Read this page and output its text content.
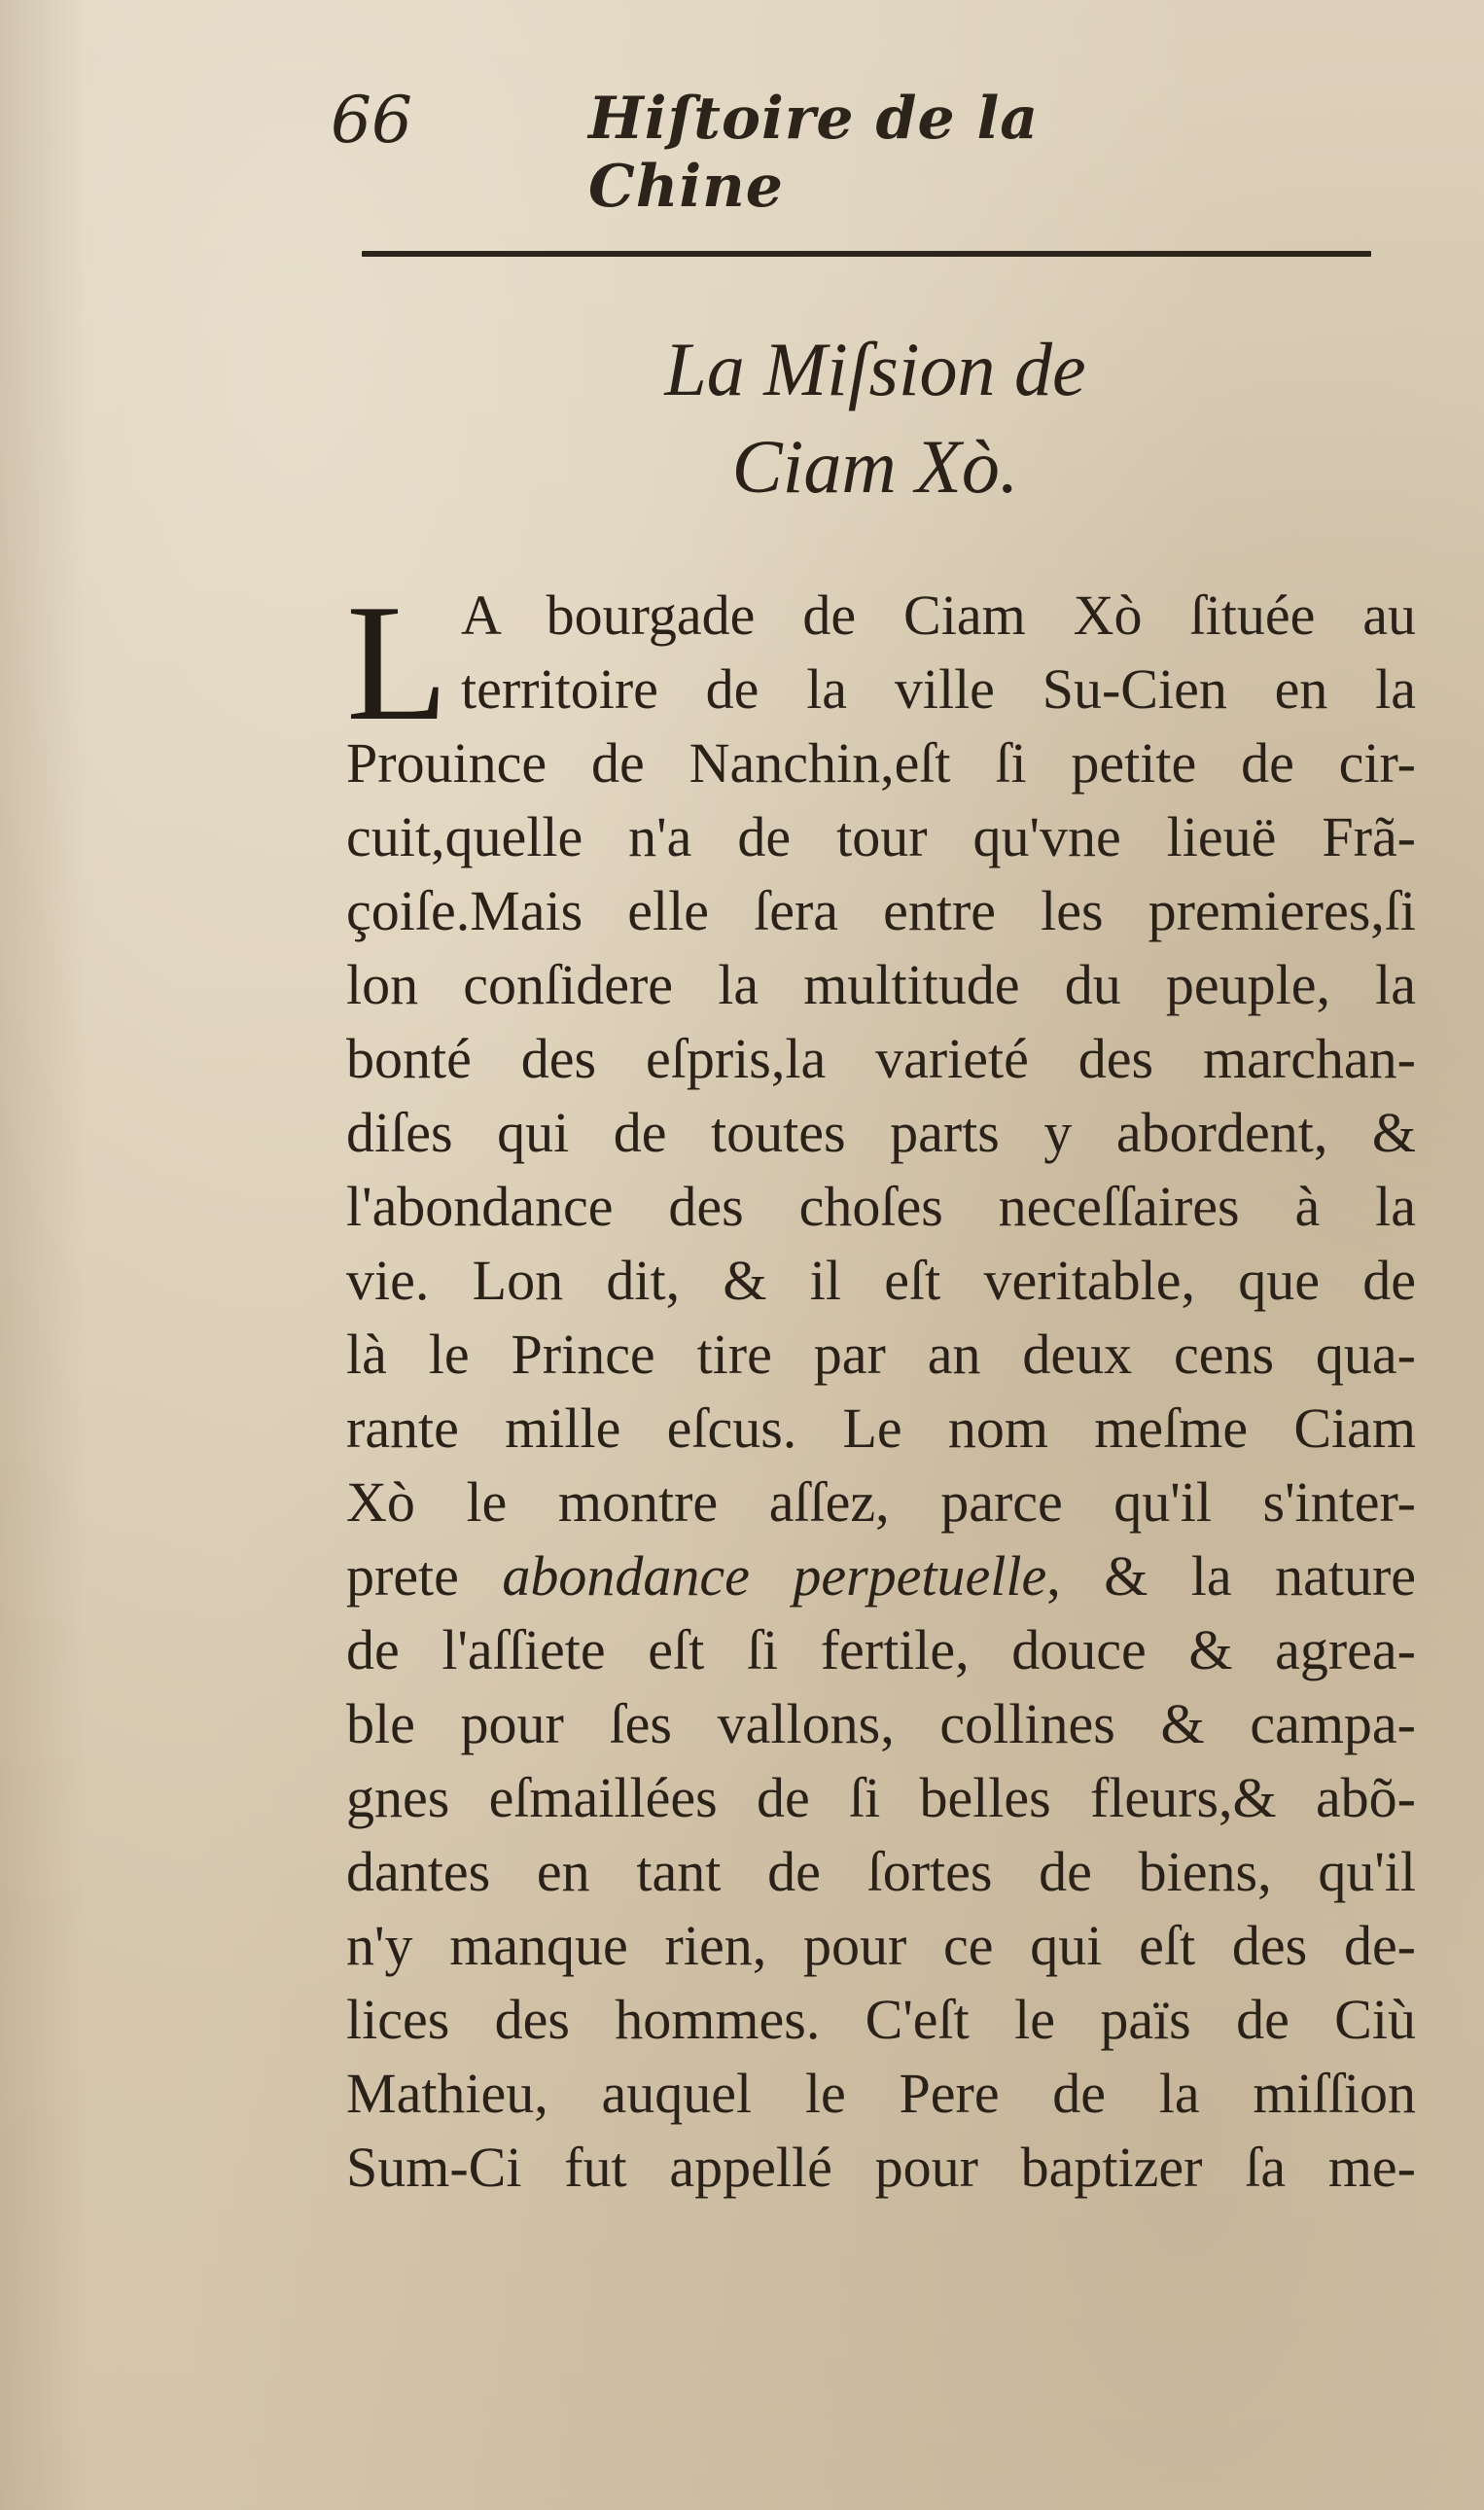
66	Hiſtoire de la Chine
La Miſsion de
Ciam Xò.
L A bourgade de Ciam Xò ſituée au
territoire de la ville Su-Cien en la
Prouince de Nanchin,eſt ſi petite de cir-
cuit,quelle n'a de tour qu'vne lieuë Frã-
çoiſe.Mais elle ſera entre les premieres,ſi
lon conſidere la multitude du peuple, la
bonté des eſpris,la varieté des marchan-
diſes qui de toutes parts y abordent, &
l'abondance des choſes neceſſaires à la
vie. Lon dit, & il eſt veritable, que de
là le Prince tire par an deux cens qua-
rante mille eſcus. Le nom meſme Ciam
Xò le montre aſſez, parce qu'il s'inter-
prete abondance perpetuelle, & la nature
de l'aſſiete eſt ſi fertile, douce & agrea-
ble pour ſes vallons, collines & campa-
gnes eſmaillées de ſi belles fleurs,& abõ-
dantes en tant de ſortes de biens, qu'il
n'y manque rien, pour ce qui eſt des de-
lices des hommes. C'eſt le païs de Ciù
Mathieu, auquel le Pere de la miſſion
Sum-Ci fut appellé pour baptizer ſa me-
